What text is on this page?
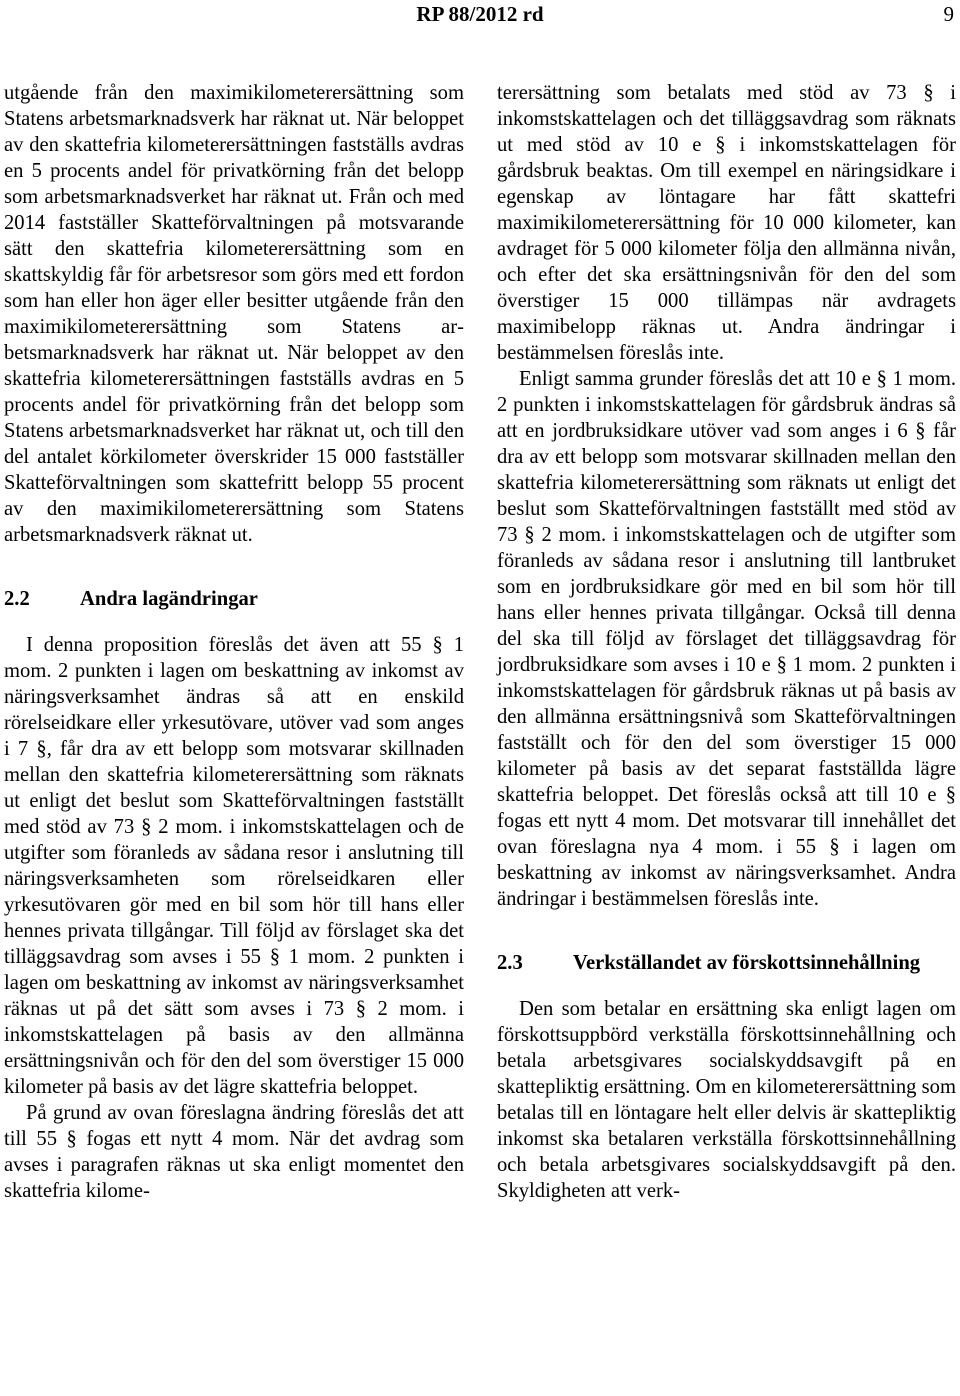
RP 88/2012 rd	9

utgående från den maximikilometerersättning som Statens arbetsmarknadsverk har räknat ut. När beloppet av den skattefria kilometerersättningen fastställs avdras en 5 procents andel för privatkörning från det belopp som arbetsmarknadsverket har räknat ut. Från och med 2014 fastställer Skatteförvaltningen på motsvarande sätt den skattefria kilometerersättning som en skattskyldig får för arbetsresor som görs med ett fordon som han eller hon äger eller besitter utgående från den maximikilometerersättning som Statens arbetsmarknadsverk har räknat ut. När beloppet av den skattefria kilometerersättningen fastställs avdras en 5 procents andel för privatkörning från det belopp som Statens arbetsmarknadsverket har räknat ut, och till den del antalet körkilometer överskrider 15 000 fastställer Skatteförvaltningen som skattefritt belopp 55 procent av den maximikilometerersättning som Statens arbetsmarknadsverk räknat ut.

2.2	Andra lagändringar

I denna proposition föreslås det även att 55 § 1 mom. 2 punkten i lagen om beskattning av inkomst av näringsverksamhet ändras så att en enskild rörelseidkare eller yrkesutövare, utöver vad som anges i 7 §, får dra av ett belopp som motsvarar skillnaden mellan den skattefria kilometerersättning som räknats ut enligt det beslut som Skatteförvaltningen fastställt med stöd av 73 § 2 mom. i inkomstskattelagen och de utgifter som föranleds av sådana resor i anslutning till näringsverksamheten som rörelseidkaren eller yrkesutövaren gör med en bil som hör till hans eller hennes privata tillgångar. Till följd av förslaget ska det tilläggsavdrag som avses i 55 § 1 mom. 2 punkten i lagen om beskattning av inkomst av näringsverksamhet räknas ut på det sätt som avses i 73 § 2 mom. i inkomstskattelagen på basis av den allmänna ersättningsnivån och för den del som överstiger 15 000 kilometer på basis av det lägre skattefria beloppet.

På grund av ovan föreslagna ändring föreslås det att till 55 § fogas ett nytt 4 mom. När det avdrag som avses i paragrafen räknas ut ska enligt momentet den skattefria kilome-

terersättning som betalats med stöd av 73 § i inkomstskattelagen och det tilläggsavdrag som räknats ut med stöd av 10 e § i inkomstskattelagen för gårdsbruk beaktas. Om till exempel en näringsidkare i egenskap av löntagare har fått skattefri maximikilometerersättning för 10 000 kilometer, kan avdraget för 5 000 kilometer följa den allmänna nivån, och efter det ska ersättningsnivån för den del som överstiger 15 000 tillämpas när avdragets maximibelopp räknas ut. Andra ändringar i bestämmelsen föreslås inte.

Enligt samma grunder föreslås det att 10 e § 1 mom. 2 punkten i inkomstskattelagen för gårdsbruk ändras så att en jordbruksidkare utöver vad som anges i 6 § får dra av ett belopp som motsvarar skillnaden mellan den skattefria kilometerersättning som räknats ut enligt det beslut som Skatteförvaltningen fastställt med stöd av 73 § 2 mom. i inkomstskattelagen och de utgifter som föranleds av sådana resor i anslutning till lantbruket som en jordbruksidkare gör med en bil som hör till hans eller hennes privata tillgångar. Också till denna del ska till följd av förslaget det tilläggsavdrag för jordbruksidkare som avses i 10 e § 1 mom. 2 punkten i inkomstskattelagen för gårdsbruk räknas ut på basis av den allmänna ersättningsnivå som Skatteförvaltningen fastställt och för den del som överstiger 15 000 kilometer på basis av det separat fastställda lägre skattefria beloppet. Det föreslås också att till 10 e § fogas ett nytt 4 mom. Det motsvarar till innehållet det ovan föreslagna nya 4 mom. i 55 § i lagen om beskattning av inkomst av näringsverksamhet. Andra ändringar i bestämmelsen föreslås inte.

2.3	Verkställandet av förskottsinnehållning

Den som betalar en ersättning ska enligt lagen om förskottsuppbörd verkställa förskottsinnehållning och betala arbetsgivares socialskyddsavgift på en skattepliktig ersättning. Om en kilometerersättning som betalas till en löntagare helt eller delvis är skattepliktig inkomst ska betalaren verkställa förskottsinnehållning och betala arbetsgivares socialskyddsavgift på den. Skyldigheten att verk-
